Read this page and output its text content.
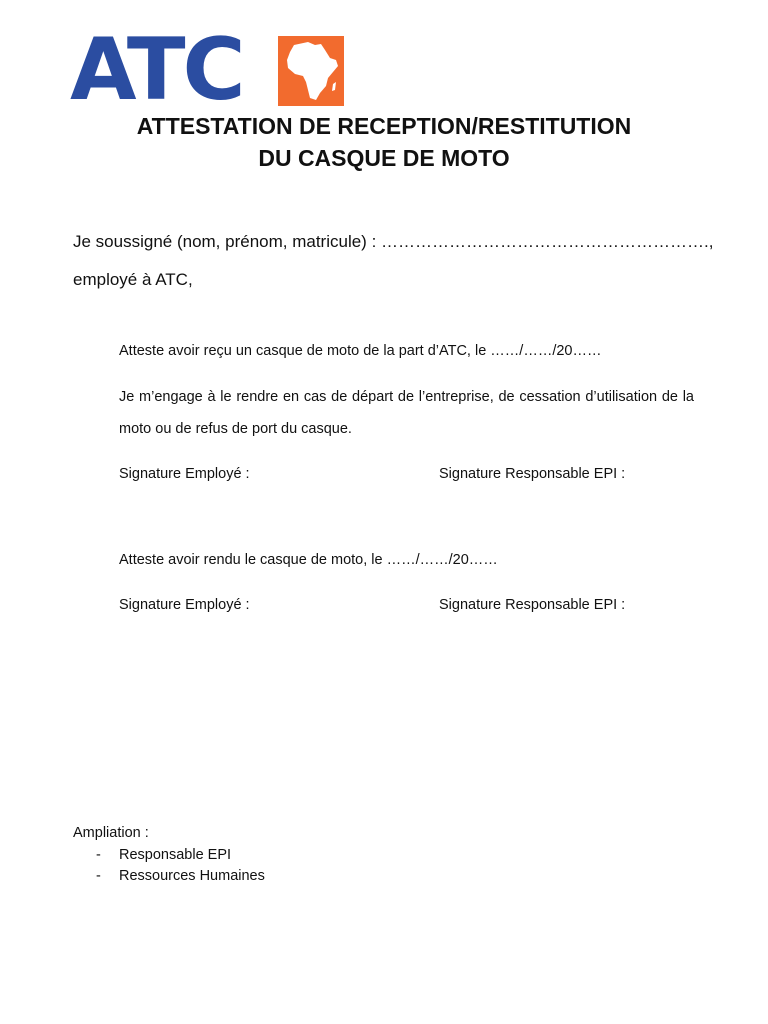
ATC
ATTESTATION DE RECEPTION/RESTITUTION
DU CASQUE DE MOTO
Je soussigné (nom, prénom, matricule) : ………………………………………………….,
employé à ATC,
Atteste avoir reçu un casque de moto de la part d’ATC, le ……/……/20……
Je m’engage à le rendre en cas de départ de l’entreprise, de cessation d’utilisation de la moto ou de refus de port du casque.
Signature Employé :	Signature Responsable EPI :
Atteste avoir rendu le casque de moto, le ……/……/20……
Signature Employé :	Signature Responsable EPI :
Ampliation :
- Responsable EPI
- Ressources Humaines
